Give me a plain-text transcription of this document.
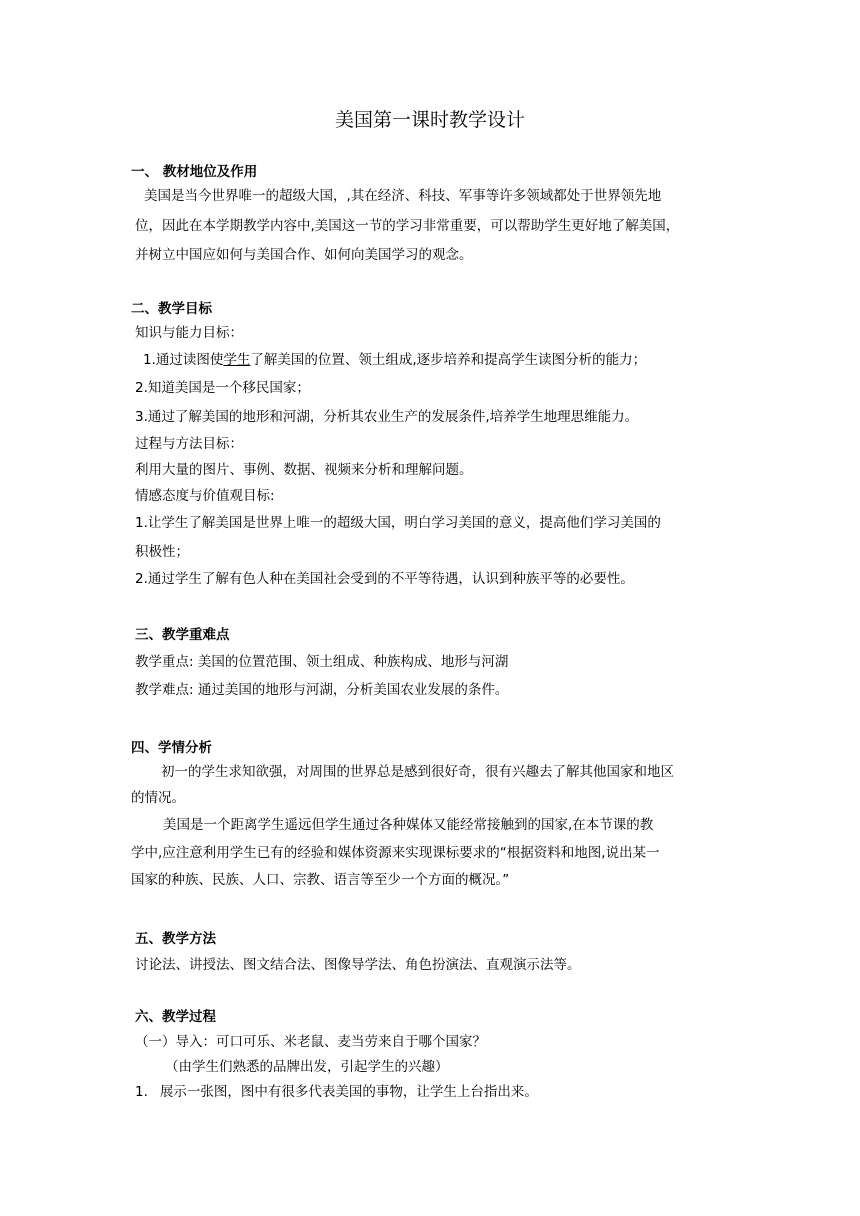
美国第一课时教学设计
一、 教材地位及作用
美国是当今世界唯一的超级大国，,其在经济、科技、军事等许多领域都处于世界领先地
位，因此在本学期教学内容中,美国这一节的学习非常重要，可以帮助学生更好地了解美国，
并树立中国应如何与美国合作、如何向美国学习的观念。
二、教学目标
知识与能力目标：
1.通过读图使学生了解美国的位置、领土组成,逐步培养和提高学生读图分析的能力；
2.知道美国是一个移民国家；
3.通过了解美国的地形和河湖，分析其农业生产的发展条件,培养学生地理思维能力。
过程与方法目标：
利用大量的图片、事例、数据、视频来分析和理解问题。
情感态度与价值观目标:
1.让学生了解美国是世界上唯一的超级大国，明白学习美国的意义，提高他们学习美国的
积极性；
2.通过学生了解有色人种在美国社会受到的不平等待遇，认识到种族平等的必要性。
三、教学重难点
教学重点: 美国的位置范围、领土组成、种族构成、地形与河湖
教学难点: 通过美国的地形与河湖，分析美国农业发展的条件。
四、学情分析
初一的学生求知欲强，对周围的世界总是感到很好奇，很有兴趣去了解其他国家和地区
的情况。
美国是一个距离学生遥远但学生通过各种媒体又能经常接触到的国家,在本节课的教
学中,应注意利用学生已有的经验和媒体资源来实现课标要求的“根据资料和地图,说出某一
国家的种族、民族、人口、宗教、语言等至少一个方面的概况。”
五、教学方法
讨论法、讲授法、图文结合法、图像导学法、角色扮演法、直观演示法等。
六、教学过程
（一）导入：可口可乐、米老鼠、麦当劳来自于哪个国家？
（由学生们熟悉的品牌出发，引起学生的兴趣）
1. 展示一张图，图中有很多代表美国的事物，让学生上台指出来。
